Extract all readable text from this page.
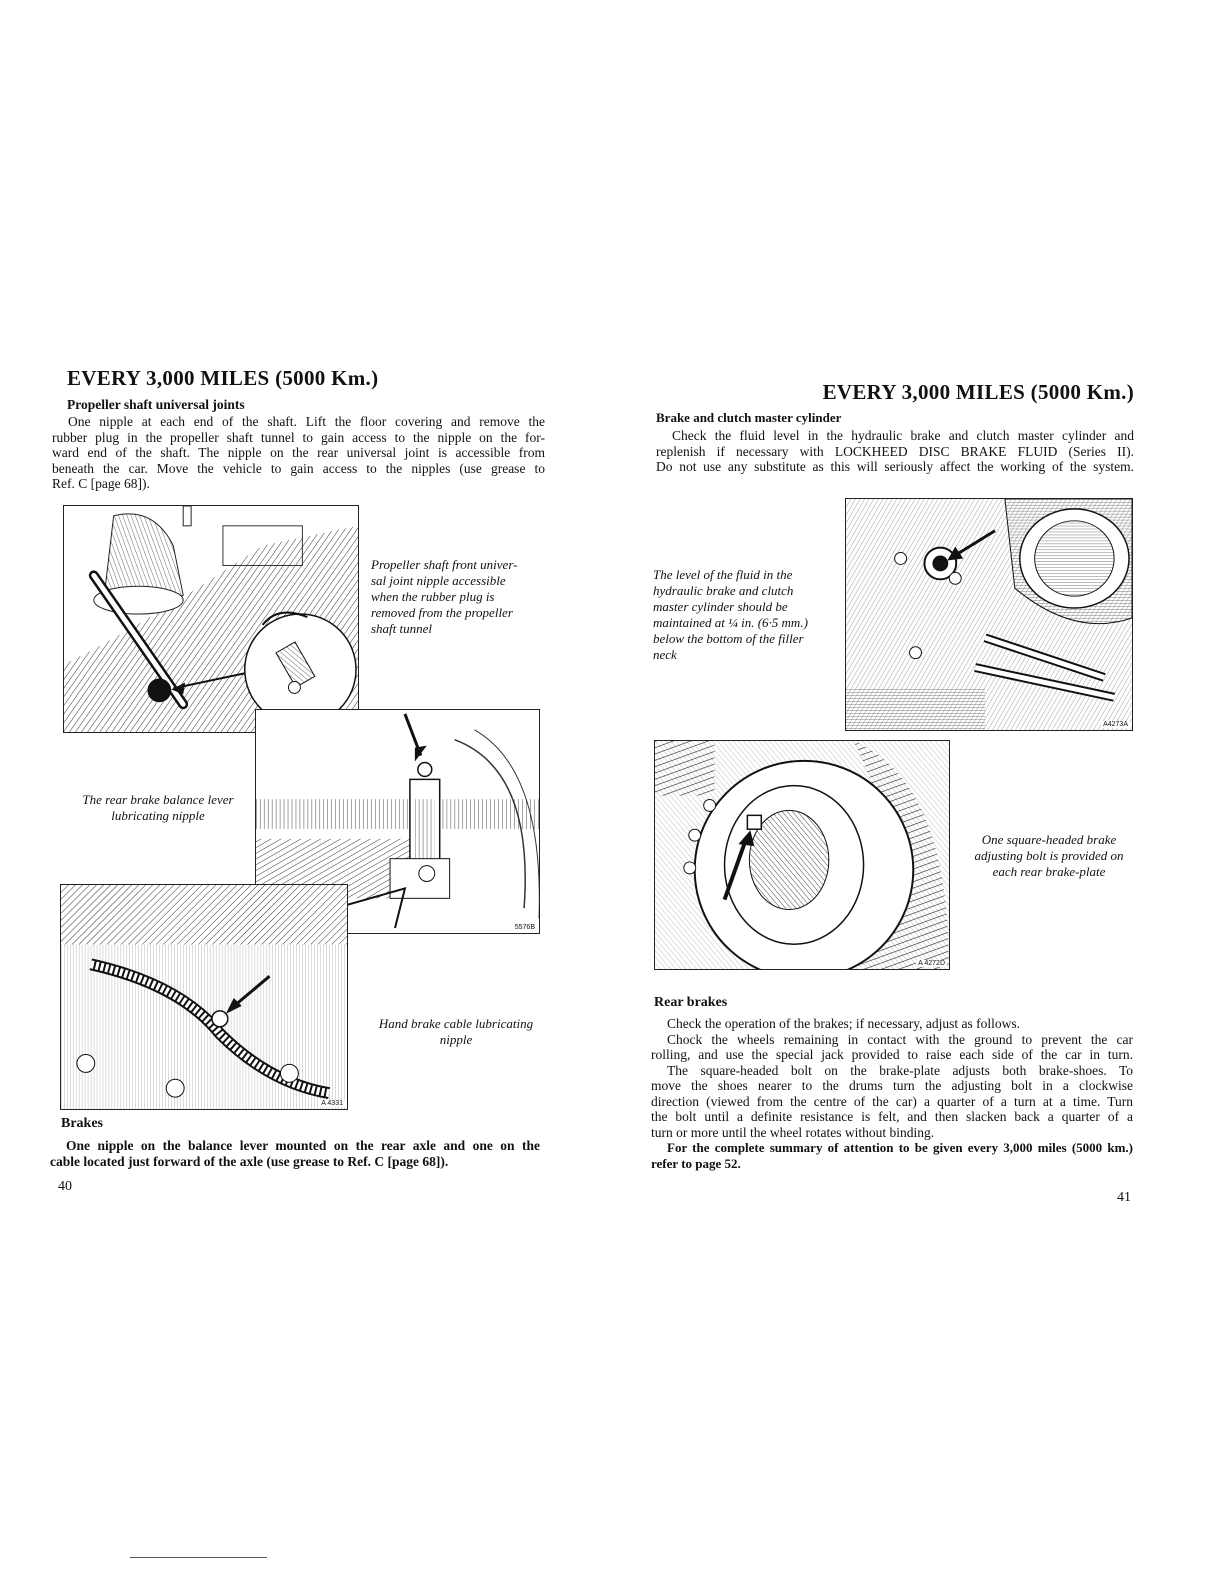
EVERY 3,000 MILES (5000 Km.)
Propeller shaft universal joints

One nipple at each end of the shaft. Lift the floor covering and remove the

rubber plug in the propeller shaft tunnel to gain access to the nipple on the for-

ward end of the shaft. The nipple on the rear universal joint is accessible from

beneath the car. Move the vehicle to gain access to the nipples (use grease to

Ref. C [page 68]).

Propeller shaft front univer-
sal joint nipple accessible
when the rubber plug is
removed from the propeller
shaft tunnel
5576B
The rear brake balance lever
lubricating nipple
A 4331
Hand brake cable lubricating
nipple
Brakes

One nipple on the balance lever mounted on the rear axle and one on the

cable located just forward of the axle (use grease to Ref. C [page 68]).

40
EVERY 3,000 MILES (5000 Km.)
Brake and clutch master cylinder

Check the fluid level in the hydraulic brake and clutch master cylinder and

replenish if necessary with LOCKHEED DISC BRAKE FLUID (Series II).

Do not use any substitute as this will seriously affect the working of the system.

A4273A
The level of the fluid in the
hydraulic brake and clutch
master cylinder should be
maintained at ¼ in. (6·5 mm.)
below the bottom of the filler
neck
A 4272D
One square-headed brake
adjusting bolt is provided on
each rear brake-plate
Rear brakes

Check the operation of the brakes; if necessary, adjust as follows.

Chock the wheels remaining in contact with the ground to prevent the car

rolling, and use the special jack provided to raise each side of the car in turn.

The square-headed bolt on the brake-plate adjusts both brake-shoes. To

move the shoes nearer to the drums turn the adjusting bolt in a clockwise

direction (viewed from the centre of the car) a quarter of a turn at a time. Turn

the bolt until a definite resistance is felt, and then slacken back a quarter of a

turn or more until the wheel rotates without binding.

For the complete summary of attention to be given every 3,000 miles (5000 km.)

refer to page 52.

41
